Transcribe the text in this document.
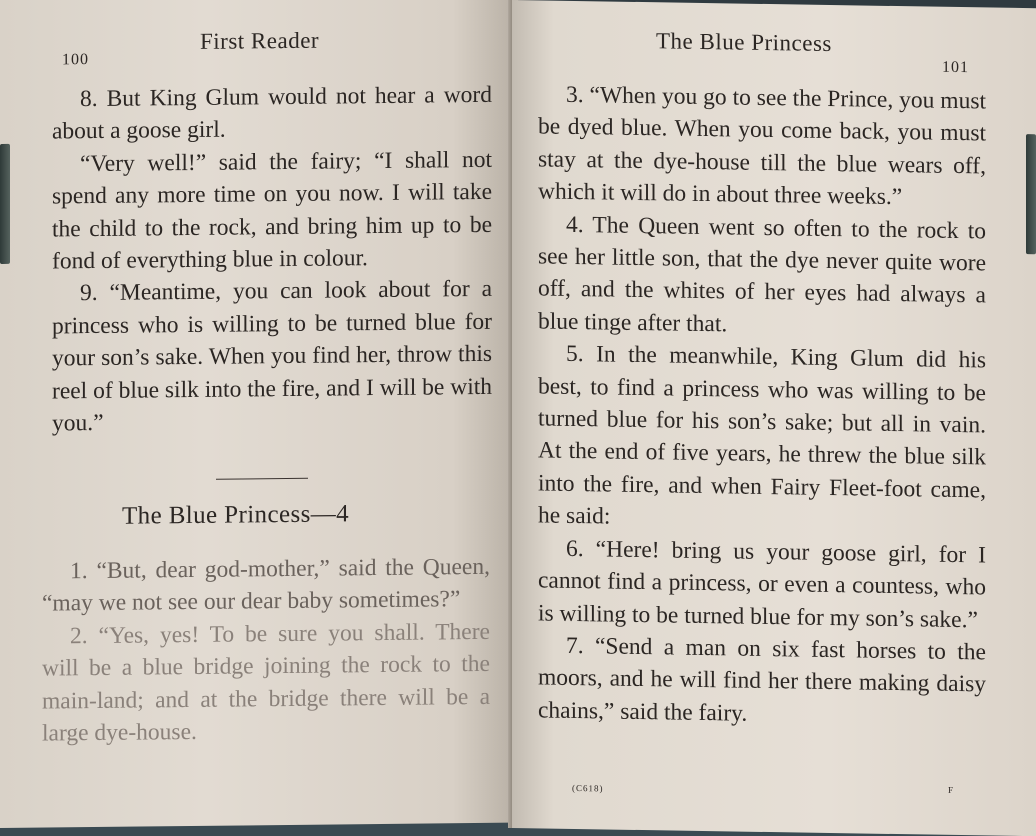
100
First Reader

8. But King Glum would not hear a word about a goose girl.

“Very well!” said the fairy; “I shall not spend any more time on you now. I will take the child to the rock, and bring him up to be fond of everything blue in colour.

9. “Meantime, you can look about for a princess who is willing to be turned blue for your son’s sake. When you find her, throw this reel of blue silk into the fire, and I will be with you.”

The Blue Princess—4

1. “But, dear god-mother,” said the Queen, “may we not see our dear baby sometimes?”

2. “Yes, yes! To be sure you shall. There will be a blue bridge joining the rock to the main-land; and at the bridge there will be a large dye-house.

The Blue Princess
101

3. “When you go to see the Prince, you must be dyed blue. When you come back, you must stay at the dye-house till the blue wears off, which it will do in about three weeks.”

4. The Queen went so often to the rock to see her little son, that the dye never quite wore off, and the whites of her eyes had always a blue tinge after that.

5. In the meanwhile, King Glum did his best, to find a princess who was willing to be turned blue for his son’s sake; but all in vain. At the end of five years, he threw the blue silk into the fire, and when Fairy Fleet-foot came, he said:

6. “Here! bring us your goose girl, for I cannot find a princess, or even a countess, who is willing to be turned blue for my son’s sake.”

7. “Send a man on six fast horses to the moors, and he will find her there making daisy chains,” said the fairy.

(C618)	F
